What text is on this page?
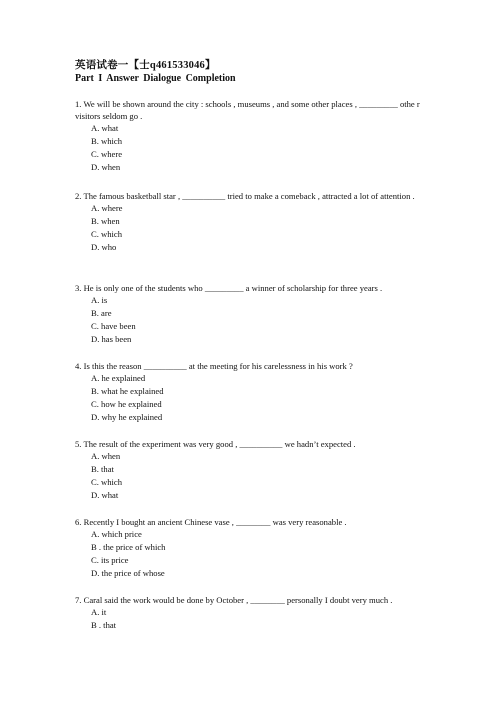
英语试卷一【士q461533046】
Part I Answer Dialogue Completion
1. We will be shown around the city : schools , museums , and some other places , _________ othe r visitors seldom go .
A. what
B. which
C. where
D. when
2. The famous basketball star , __________ tried to make a comeback , attracted a lot of attention .
A. where
B. when
C. which
D. who
3. He is only one of the students who _________ a winner of scholarship for three years .
A. is
B. are
C. have been
D. has been
4. Is this the reason __________ at the meeting for his carelessness in his work ?
A. he explained
B. what he explained
C. how he explained
D. why he explained
5. The result of the experiment was very good , __________ we hadn’t expected .
A. when
B. that
C. which
D. what
6. Recently I bought an ancient Chinese vase , ________ was very reasonable .
A. which price
B . the price of which
C. its price
D. the price of whose
7. Caral said the work would be done by October , ________ personally I doubt very much .
A. it
B . that
